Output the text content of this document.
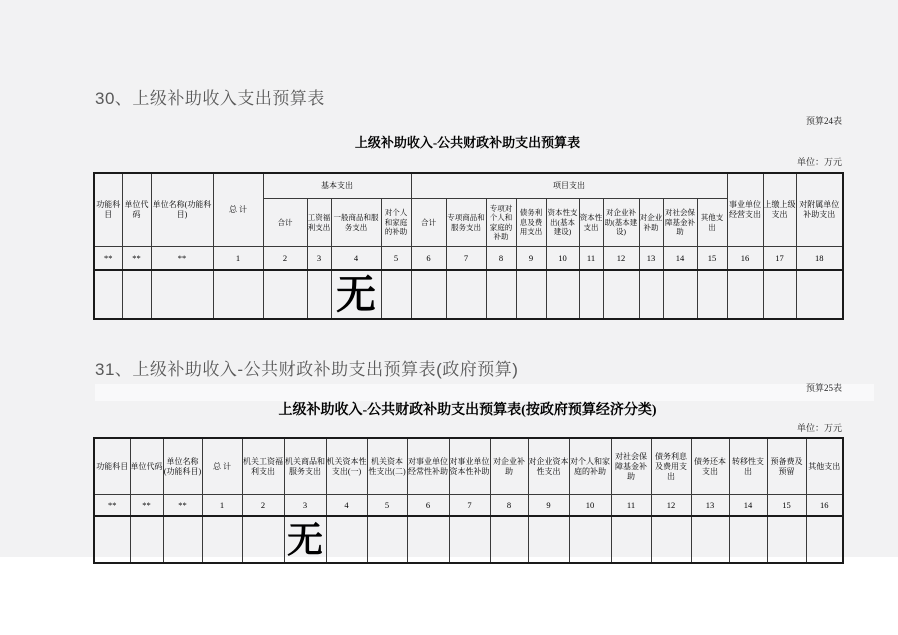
30、上级补助收入支出预算表
预算24表
上级补助收入-公共财政补助支出预算表
单位：万元
功能科目	单位代码	单位名称(功能科目)	总 计	基本支出				项目支出										事业单位经营支出	上缴上级支出	对附属单位补助支出
				合计	工资福利支出	一般商品和服务支出	对个人和家庭的补助	合计	专项商品和服务支出	专项对个人和家庭的补助	债务利息及费用支出	资本性支出(基本建设)	资本性支出	对企业补助(基本建设)	对企业补助	对社会保障基金补助	其他支出			
**	**	**	1	2	3	4	5	6	7	8	9	10	11	12	13	14	15	16	17	18
						无														
31、上级补助收入-公共财政补助支出预算表(政府预算)
预算25表
上级补助收入-公共财政补助支出预算表(按政府预算经济分类)
单位：万元
功能科目	单位代码	单位名称(功能科目)	总 计	机关工资福利支出	机关商品和服务支出	机关资本性支出(一)	机关资本性支出(二)	对事业单位经常性补助	对事业单位资本性补助	对企业补助	对企业资本性支出	对个人和家庭的补助	对社会保障基金补助	债务利息及费用支出	债务还本支出	转移性支出	预备费及预留	其他支出
**	**	**	1	2	3	4	5	6	7	8	9	10	11	12	13	14	15	16
					无													
